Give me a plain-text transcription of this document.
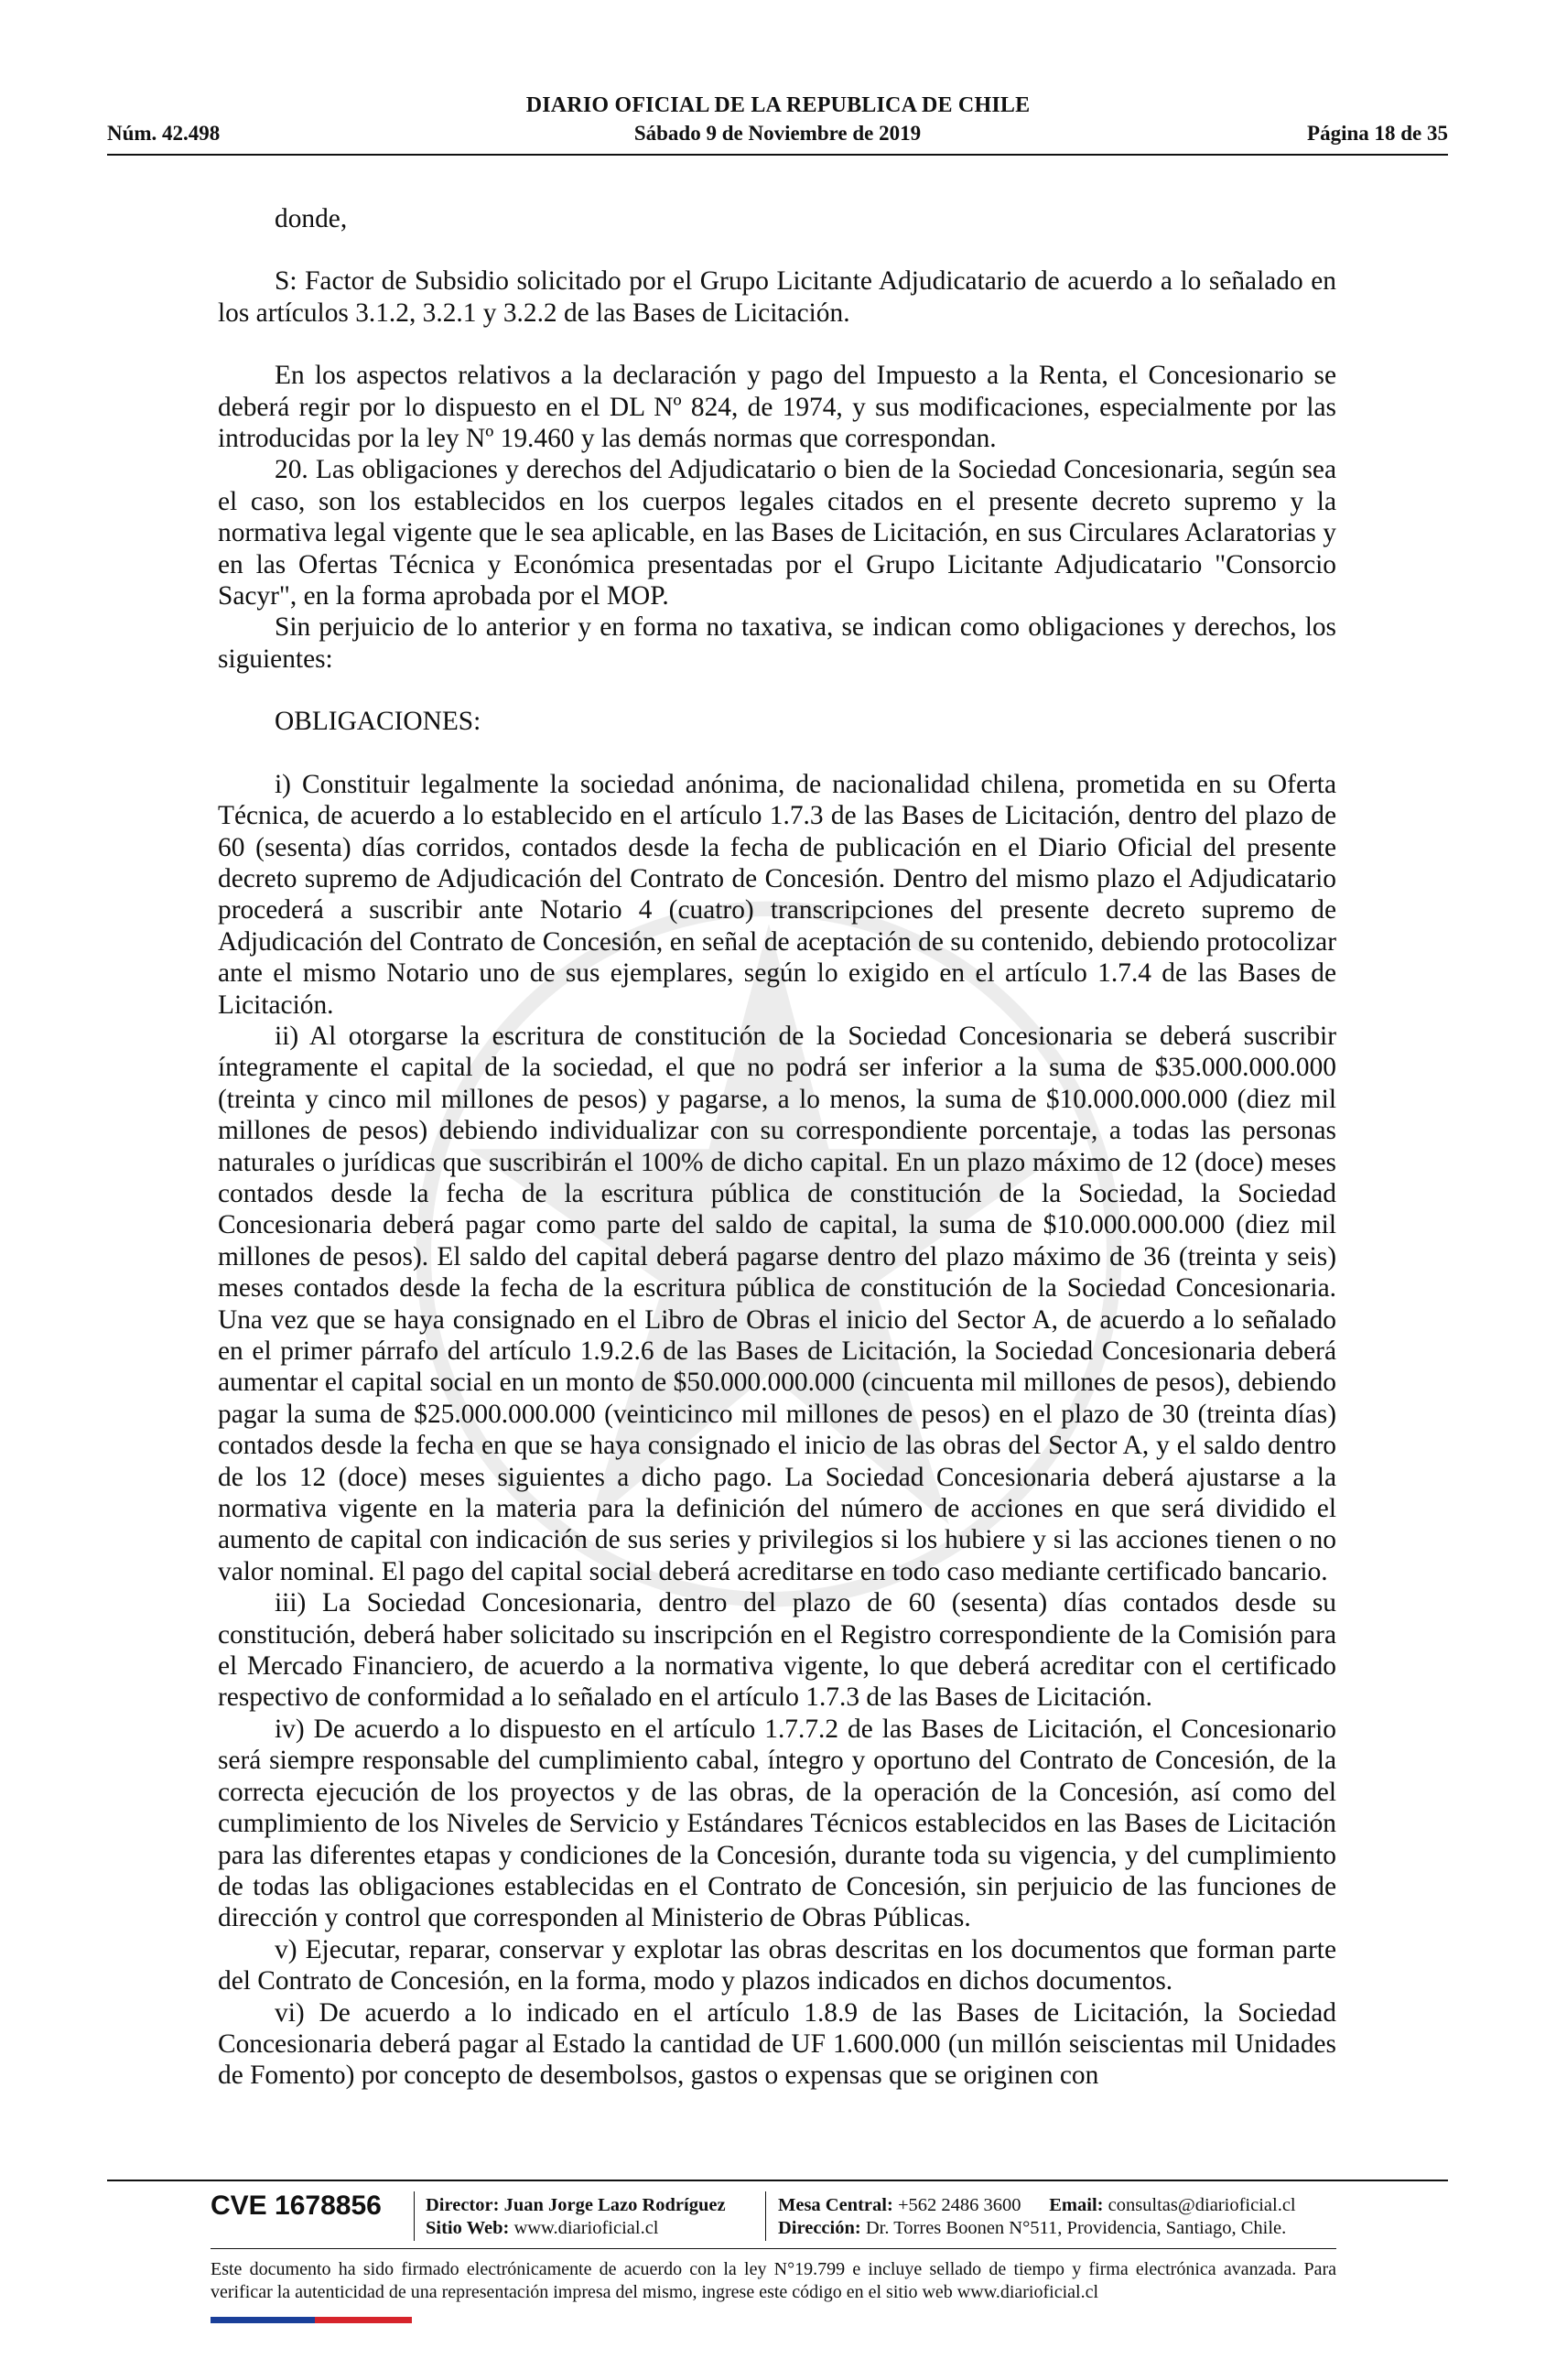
DIARIO OFICIAL DE LA REPUBLICA DE CHILE
Núm. 42.498	Sábado 9 de Noviembre de 2019	Página 18 de 35

donde,

S: Factor de Subsidio solicitado por el Grupo Licitante Adjudicatario de acuerdo a lo señalado en los artículos 3.1.2, 3.2.1 y 3.2.2 de las Bases de Licitación.

En los aspectos relativos a la declaración y pago del Impuesto a la Renta, el Concesionario se deberá regir por lo dispuesto en el DL Nº 824, de 1974, y sus modificaciones, especialmente por las introducidas por la ley Nº 19.460 y las demás normas que correspondan.

20. Las obligaciones y derechos del Adjudicatario o bien de la Sociedad Concesionaria, según sea el caso, son los establecidos en los cuerpos legales citados en el presente decreto supremo y la normativa legal vigente que le sea aplicable, en las Bases de Licitación, en sus Circulares Aclaratorias y en las Ofertas Técnica y Económica presentadas por el Grupo Licitante Adjudicatario "Consorcio Sacyr", en la forma aprobada por el MOP.

Sin perjuicio de lo anterior y en forma no taxativa, se indican como obligaciones y derechos, los siguientes:

OBLIGACIONES:

i) Constituir legalmente la sociedad anónima, de nacionalidad chilena, prometida en su Oferta Técnica, de acuerdo a lo establecido en el artículo 1.7.3 de las Bases de Licitación, dentro del plazo de 60 (sesenta) días corridos, contados desde la fecha de publicación en el Diario Oficial del presente decreto supremo de Adjudicación del Contrato de Concesión. Dentro del mismo plazo el Adjudicatario procederá a suscribir ante Notario 4 (cuatro) transcripciones del presente decreto supremo de Adjudicación del Contrato de Concesión, en señal de aceptación de su contenido, debiendo protocolizar ante el mismo Notario uno de sus ejemplares, según lo exigido en el artículo 1.7.4 de las Bases de Licitación.

ii) Al otorgarse la escritura de constitución de la Sociedad Concesionaria se deberá suscribir íntegramente el capital de la sociedad, el que no podrá ser inferior a la suma de $35.000.000.000 (treinta y cinco mil millones de pesos) y pagarse, a lo menos, la suma de $10.000.000.000 (diez mil millones de pesos) debiendo individualizar con su correspondiente porcentaje, a todas las personas naturales o jurídicas que suscribirán el 100% de dicho capital. En un plazo máximo de 12 (doce) meses contados desde la fecha de la escritura pública de constitución de la Sociedad, la Sociedad Concesionaria deberá pagar como parte del saldo de capital, la suma de $10.000.000.000 (diez mil millones de pesos). El saldo del capital deberá pagarse dentro del plazo máximo de 36 (treinta y seis) meses contados desde la fecha de la escritura pública de constitución de la Sociedad Concesionaria. Una vez que se haya consignado en el Libro de Obras el inicio del Sector A, de acuerdo a lo señalado en el primer párrafo del artículo 1.9.2.6 de las Bases de Licitación, la Sociedad Concesionaria deberá aumentar el capital social en un monto de $50.000.000.000 (cincuenta mil millones de pesos), debiendo pagar la suma de $25.000.000.000 (veinticinco mil millones de pesos) en el plazo de 30 (treinta días) contados desde la fecha en que se haya consignado el inicio de las obras del Sector A, y el saldo dentro de los 12 (doce) meses siguientes a dicho pago. La Sociedad Concesionaria deberá ajustarse a la normativa vigente en la materia para la definición del número de acciones en que será dividido el aumento de capital con indicación de sus series y privilegios si los hubiere y si las acciones tienen o no valor nominal. El pago del capital social deberá acreditarse en todo caso mediante certificado bancario.

iii) La Sociedad Concesionaria, dentro del plazo de 60 (sesenta) días contados desde su constitución, deberá haber solicitado su inscripción en el Registro correspondiente de la Comisión para el Mercado Financiero, de acuerdo a la normativa vigente, lo que deberá acreditar con el certificado respectivo de conformidad a lo señalado en el artículo 1.7.3 de las Bases de Licitación.

iv) De acuerdo a lo dispuesto en el artículo 1.7.7.2 de las Bases de Licitación, el Concesionario será siempre responsable del cumplimiento cabal, íntegro y oportuno del Contrato de Concesión, de la correcta ejecución de los proyectos y de las obras, de la operación de la Concesión, así como del cumplimiento de los Niveles de Servicio y Estándares Técnicos establecidos en las Bases de Licitación para las diferentes etapas y condiciones de la Concesión, durante toda su vigencia, y del cumplimiento de todas las obligaciones establecidas en el Contrato de Concesión, sin perjuicio de las funciones de dirección y control que corresponden al Ministerio de Obras Públicas.

v) Ejecutar, reparar, conservar y explotar las obras descritas en los documentos que forman parte del Contrato de Concesión, en la forma, modo y plazos indicados en dichos documentos.

vi) De acuerdo a lo indicado en el artículo 1.8.9 de las Bases de Licitación, la Sociedad Concesionaria deberá pagar al Estado la cantidad de UF 1.600.000 (un millón seiscientas mil Unidades de Fomento) por concepto de desembolsos, gastos o expensas que se originen con

CVE 1678856 Director: Juan Jorge Lazo Rodríguez
Sitio Web: www.diarioficial.cl
Mesa Central: +562 2486 3600 Email: consultas@diarioficial.cl
Dirección: Dr. Torres Boonen N°511, Providencia, Santiago, Chile.
Este documento ha sido firmado electrónicamente de acuerdo con la ley N°19.799 e incluye sellado de tiempo y firma electrónica avanzada. Para verificar la autenticidad de una representación impresa del mismo, ingrese este código en el sitio web www.diarioficial.cl
